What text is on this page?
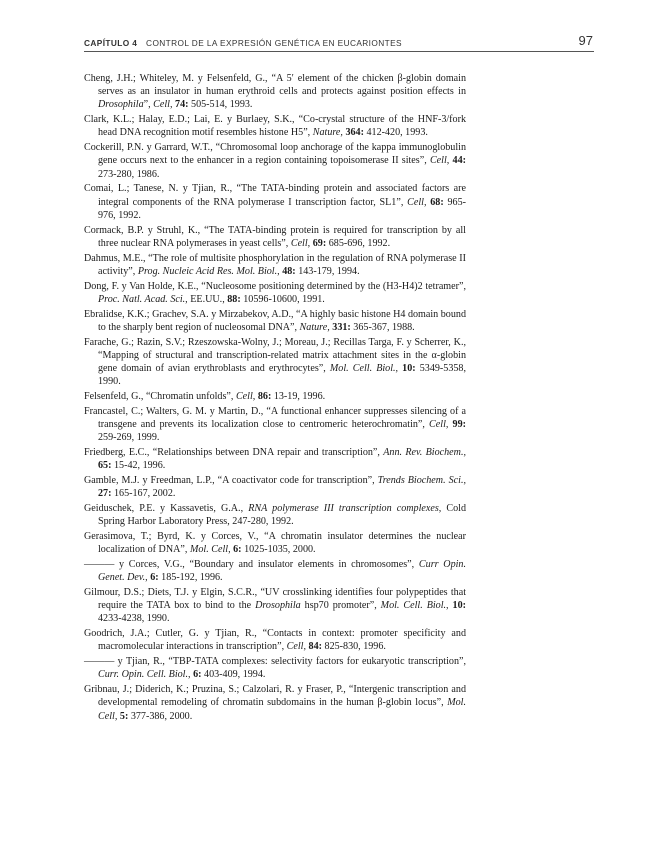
CAPÍTULO 4 CONTROL DE LA EXPRESIÓN GENÉTICA EN EUCARIONTES	97

Cheng, J.H.; Whiteley, M. y Felsenfeld, G., “A 5′ element of the chicken β-globin domain serves as an insulator in human erythroid cells and protects against position effects in Drosophila”, Cell, 74: 505-514, 1993.

Clark, K.L.; Halay, E.D.; Lai, E. y Burlaey, S.K., “Co-crystal structure of the HNF-3/fork head DNA recognition motif resembles histone H5”, Nature, 364: 412-420, 1993.

Cockerill, P.N. y Garrard, W.T., “Chromosomal loop anchorage of the kappa immunoglobulin gene occurs next to the enhancer in a region containing topoisomerase II sites”, Cell, 44: 273-280, 1986.

Comai, L.; Tanese, N. y Tjian, R., “The TATA-binding protein and associated factors are integral components of the RNA polymerase I transcription factor, SL1”, Cell, 68: 965-976, 1992.

Cormack, B.P. y Struhl, K., “The TATA-binding protein is required for transcription by all three nuclear RNA polymerases in yeast cells”, Cell, 69: 685-696, 1992.

Dahmus, M.E., “The role of multisite phosphorylation in the regulation of RNA polymerase II activity”, Prog. Nucleic Acid Res. Mol. Biol., 48: 143-179, 1994.

Dong, F. y Van Holde, K.E., “Nucleosome positioning determined by the (H3-H4)2 tetramer”, Proc. Natl. Acad. Sci., EE.UU., 88: 10596-10600, 1991.

Ebralidse, K.K.; Grachev, S.A. y Mirzabekov, A.D., “A highly basic histone H4 domain bound to the sharply bent region of nucleosomal DNA”, Nature, 331: 365-367, 1988.

Farache, G.; Razin, S.V.; Rzeszowska-Wolny, J.; Moreau, J.; Recillas Targa, F. y Scherrer, K., “Mapping of structural and transcription-related matrix attachment sites in the α-globin gene domain of avian erythroblasts and erythrocytes”, Mol. Cell. Biol., 10: 5349-5358, 1990.

Felsenfeld, G., “Chromatin unfolds”, Cell, 86: 13-19, 1996.

Francastel, C.; Walters, G. M. y Martin, D., “A functional enhancer suppresses silencing of a transgene and prevents its localization close to centromeric heterochromatin”, Cell, 99: 259-269, 1999.

Friedberg, E.C., “Relationships between DNA repair and transcription”, Ann. Rev. Biochem., 65: 15-42, 1996.

Gamble, M.J. y Freedman, L.P., “A coactivator code for transcription”, Trends Biochem. Sci., 27: 165-167, 2002.

Geiduschek, P.E. y Kassavetis, G.A., RNA polymerase III transcription complexes, Cold Spring Harbor Laboratory Press, 247-280, 1992.

Gerasimova, T.; Byrd, K. y Corces, V., “A chromatin insulator determines the nuclear localization of DNA”, Mol. Cell, 6: 1025-1035, 2000.

——— y Corces, V.G., “Boundary and insulator elements in chromosomes”, Curr Opin. Genet. Dev., 6: 185-192, 1996.

Gilmour, D.S.; Diets, T.J. y Elgin, S.C.R., “UV crosslinking identifies four polypeptides that require the TATA box to bind to the Drosophila hsp70 promoter”, Mol. Cell. Biol., 10: 4233-4238, 1990.

Goodrich, J.A.; Cutler, G. y Tjian, R., “Contacts in context: promoter specificity and macromolecular interactions in transcription”, Cell, 84: 825-830, 1996.

——— y Tjian, R., “TBP-TATA complexes: selectivity factors for eukaryotic transcription”, Curr. Opin. Cell. Biol., 6: 403-409, 1994.

Gribnau, J.; Diderich, K.; Pruzina, S.; Calzolari, R. y Fraser, P., “Intergenic transcription and developmental remodeling of chromatin subdomains in the human β-globin locus”, Mol. Cell, 5: 377-386, 2000.
